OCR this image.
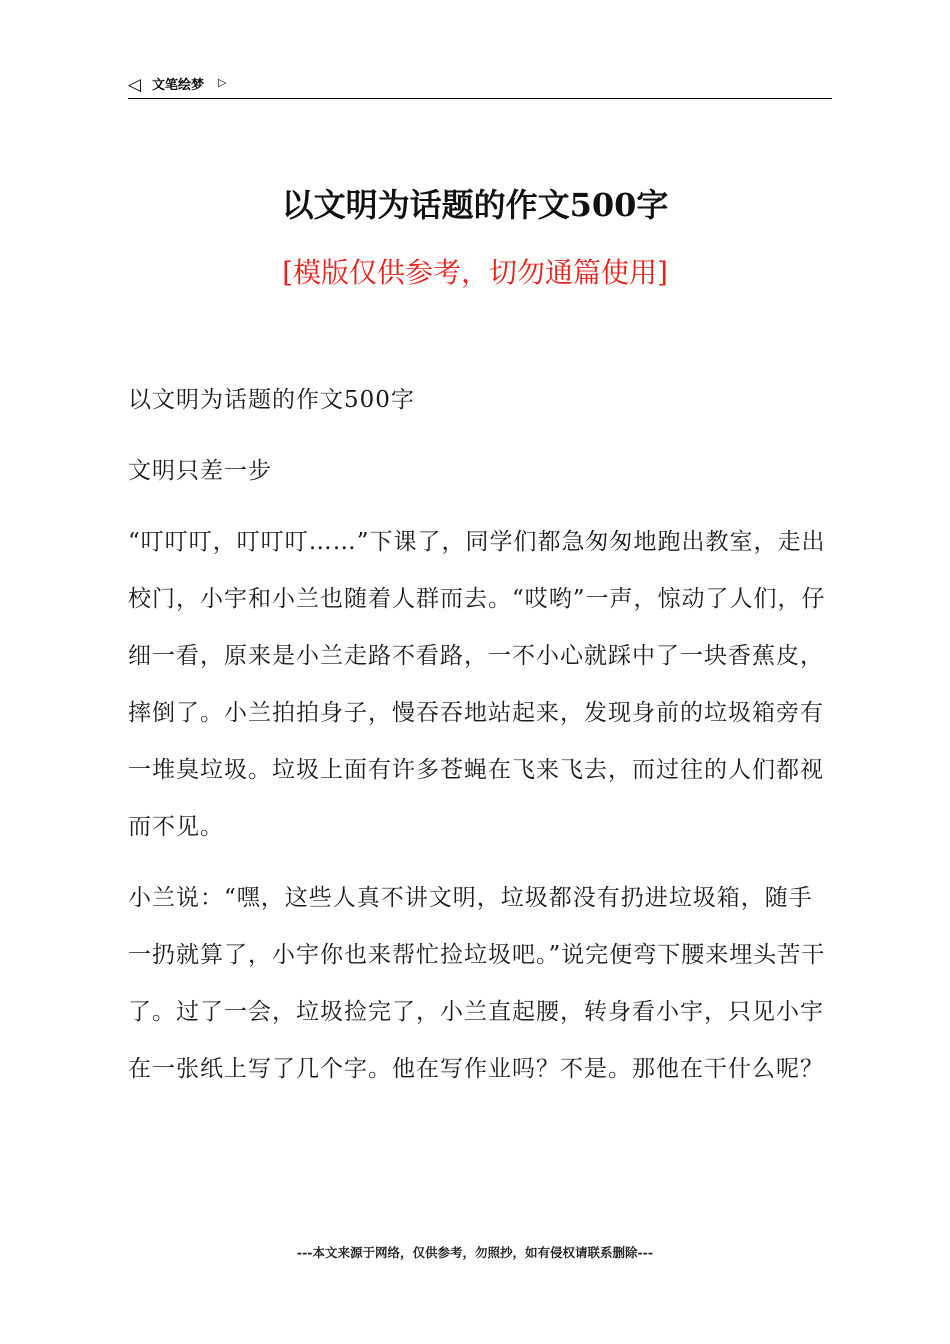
◁ 文笔绘梦 ▷
以文明为话题的作文500字
[模版仅供参考，切勿通篇使用]

以文明为话题的作文500字

文明只差一步

“叮叮叮，叮叮叮……”下课了，同学们都急匆匆地跑出教室，走出校门，小宇和小兰也随着人群而去。“哎哟”一声，惊动了人们，仔细一看，原来是小兰走路不看路，一不小心就踩中了一块香蕉皮，摔倒了。小兰拍拍身子，慢吞吞地站起来，发现身前的垃圾箱旁有一堆臭垃圾。垃圾上面有许多苍蝇在飞来飞去，而过往的人们都视而不见。

小兰说：“嘿，这些人真不讲文明，垃圾都没有扔进垃圾箱，随手一扔就算了，小宇你也来帮忙捡垃圾吧。”说完便弯下腰来埋头苦干了。过了一会，垃圾捡完了，小兰直起腰，转身看小宇，只见小宇在一张纸上写了几个字。他在写作业吗？不是。那他在干什么呢？

---本文来源于网络，仅供参考，勿照抄，如有侵权请联系删除---
